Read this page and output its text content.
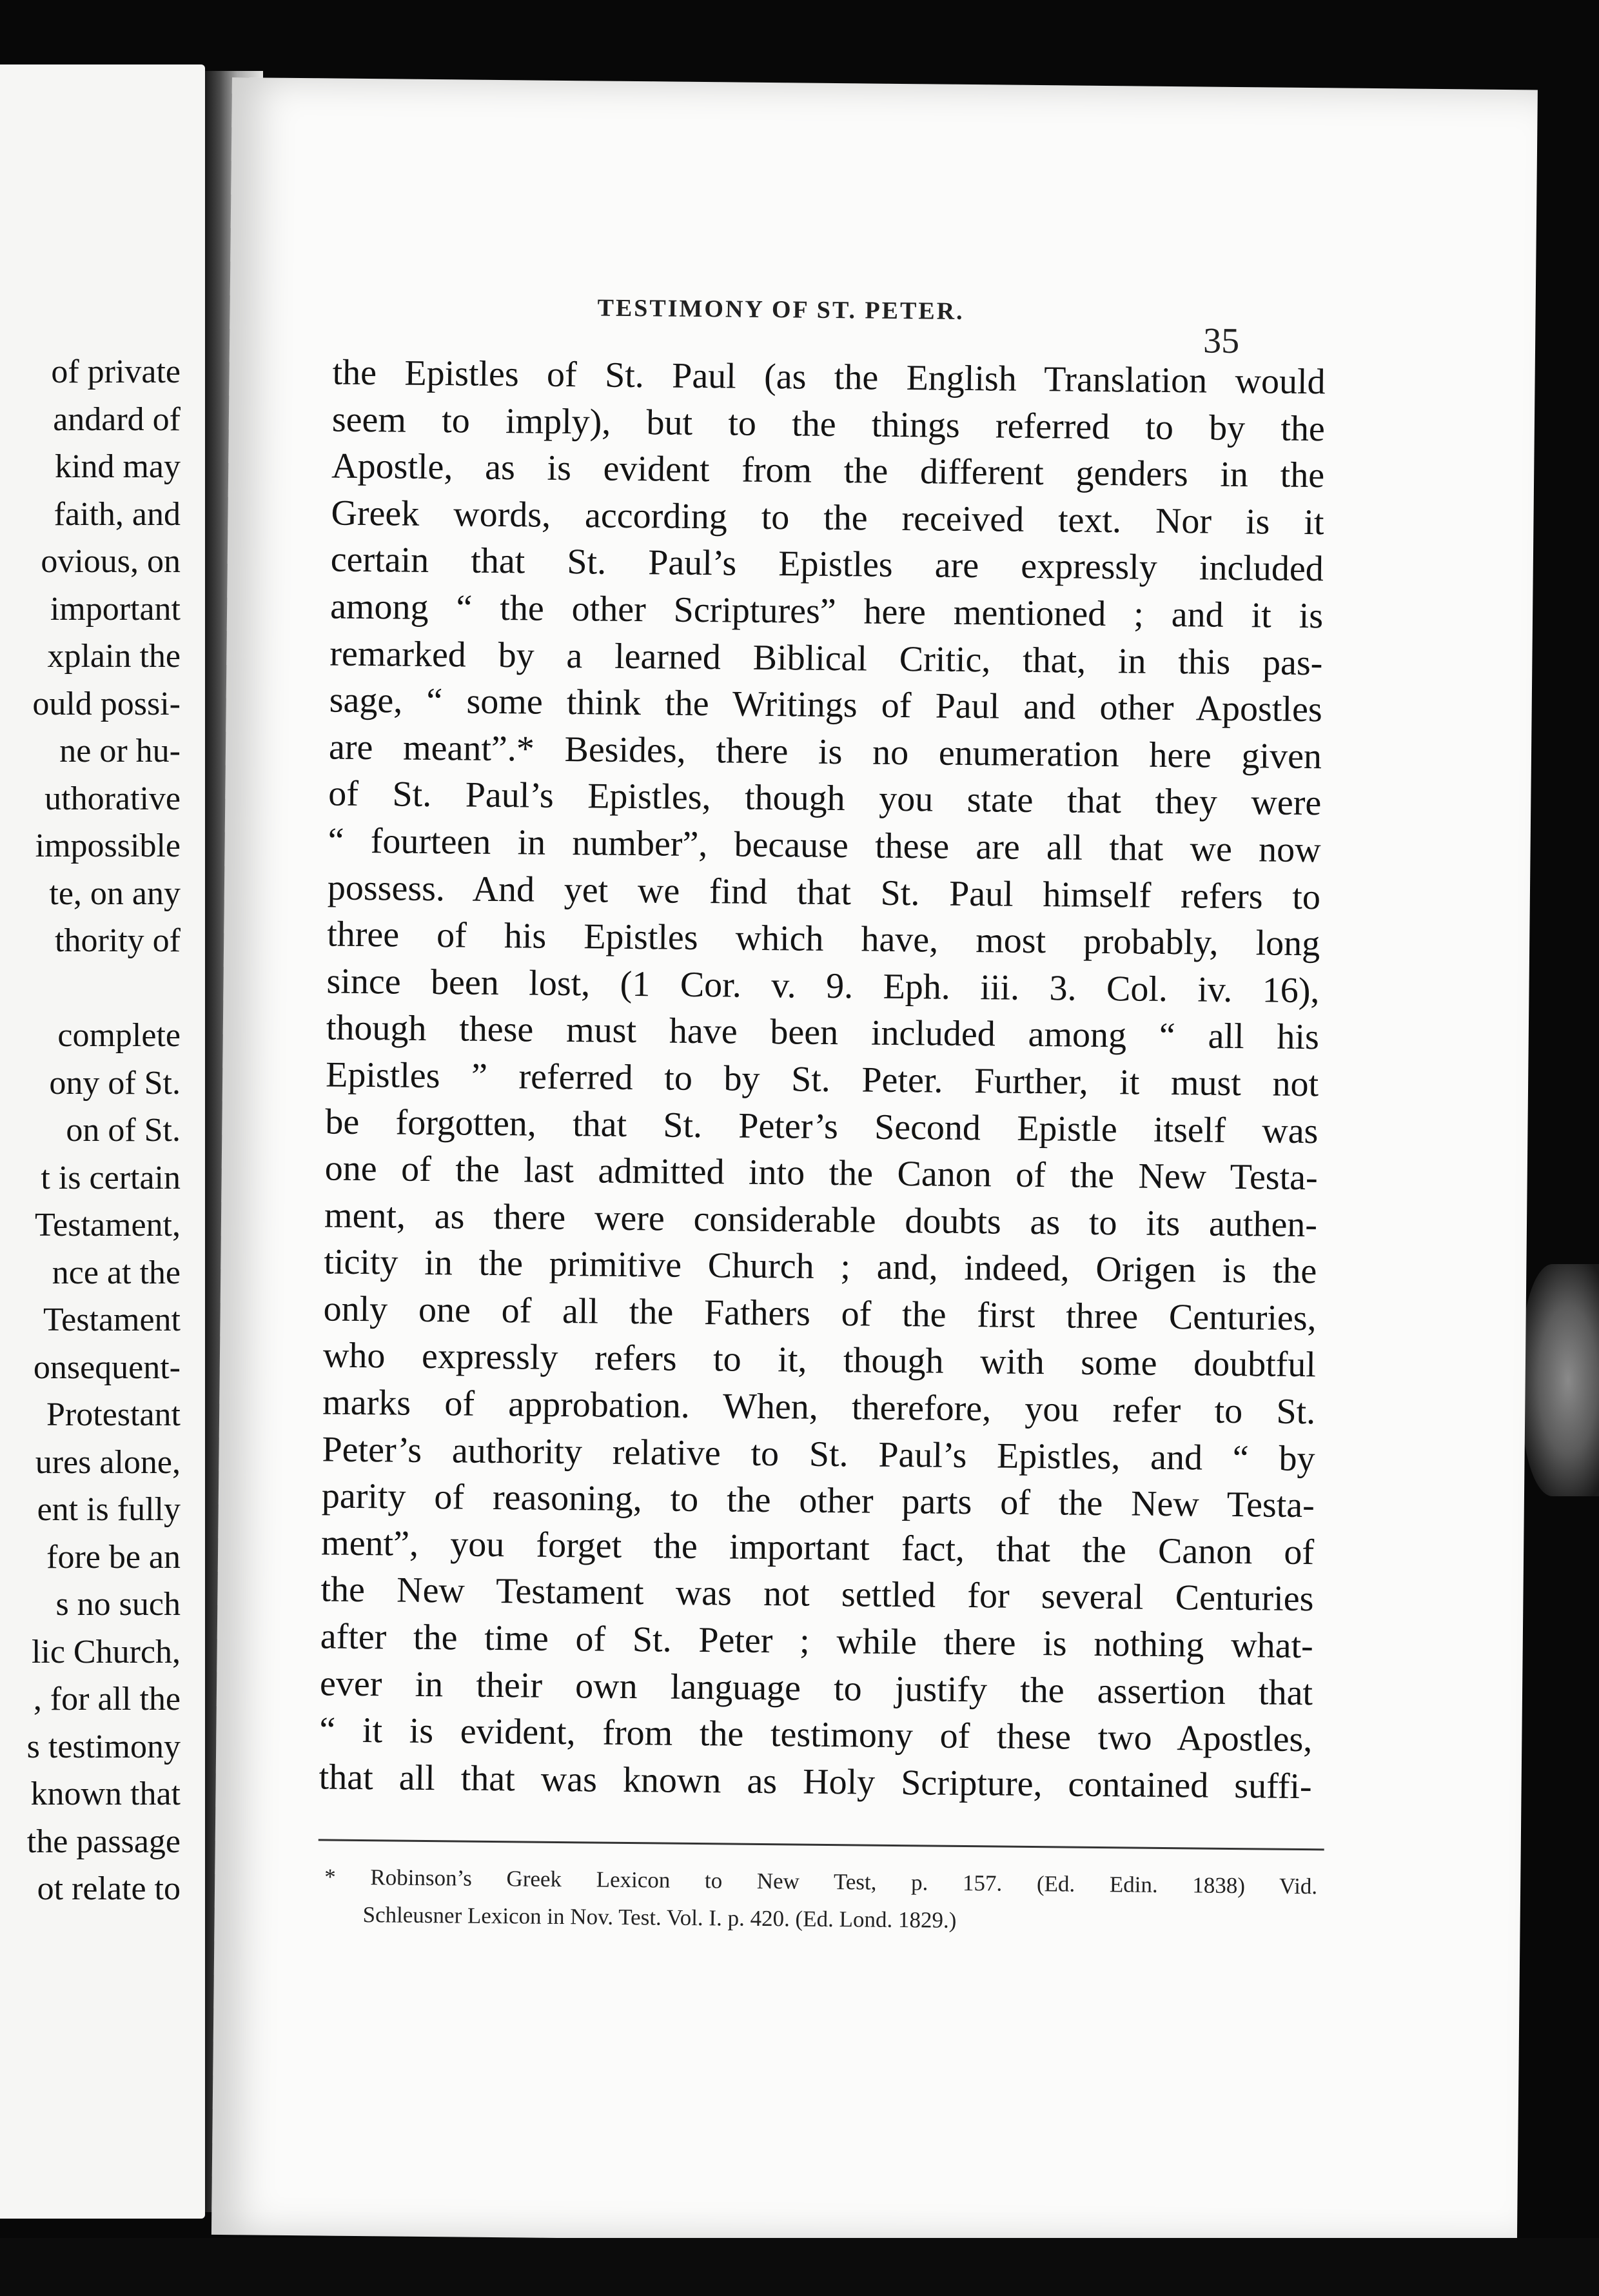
of private
andard of
kind may
faith, and
ovious, on
important
xplain the
ould possi-
ne or hu-
uthorative
impossible
te, on any
thority of
complete
ony of St.
on of St.
t is certain
Testament,
nce at the
Testament
onsequent-
Protestant
ures alone,
ent is fully
fore be an
s no such
lic Church,
, for all the
s testimony
known that
the passage
ot relate to
TESTIMONY OF ST. PETER.
35
the Epistles of St. Paul (as the English Translation would
seem to imply), but to the things referred to by the
Apostle, as is evident from the different genders in the
Greek words, according to the received text. Nor is it
certain that St. Paul’s Epistles are expressly included
among “ the other Scriptures” here mentioned ; and it is
remarked by a learned Biblical Critic, that, in this pas-
sage, “ some think the Writings of Paul and other Apostles
are meant”.* Besides, there is no enumeration here given
of St. Paul’s Epistles, though you state that they were
“ fourteen in number”, because these are all that we now
possess. And yet we find that St. Paul himself refers to
three of his Epistles which have, most probably, long
since been lost, (1 Cor. v. 9. Eph. iii. 3. Col. iv. 16),
though these must have been included among “ all his
Epistles ” referred to by St. Peter. Further, it must not
be forgotten, that St. Peter’s Second Epistle itself was
one of the last admitted into the Canon of the New Testa-
ment, as there were considerable doubts as to its authen-
ticity in the primitive Church ; and, indeed, Origen is the
only one of all the Fathers of the first three Centuries,
who expressly refers to it, though with some doubtful
marks of approbation. When, therefore, you refer to St.
Peter’s authority relative to St. Paul’s Epistles, and “ by
parity of reasoning, to the other parts of the New Testa-
ment”, you forget the important fact, that the Canon of
the New Testament was not settled for several Centuries
after the time of St. Peter ; while there is nothing what-
ever in their own language to justify the assertion that
“ it is evident, from the testimony of these two Apostles,
that all that was known as Holy Scripture, contained suffi-
* Robinson’s Greek Lexicon to New Test, p. 157. (Ed. Edin. 1838) Vid.
Schleusner Lexicon in Nov. Test. Vol. I. p. 420. (Ed. Lond. 1829.)
